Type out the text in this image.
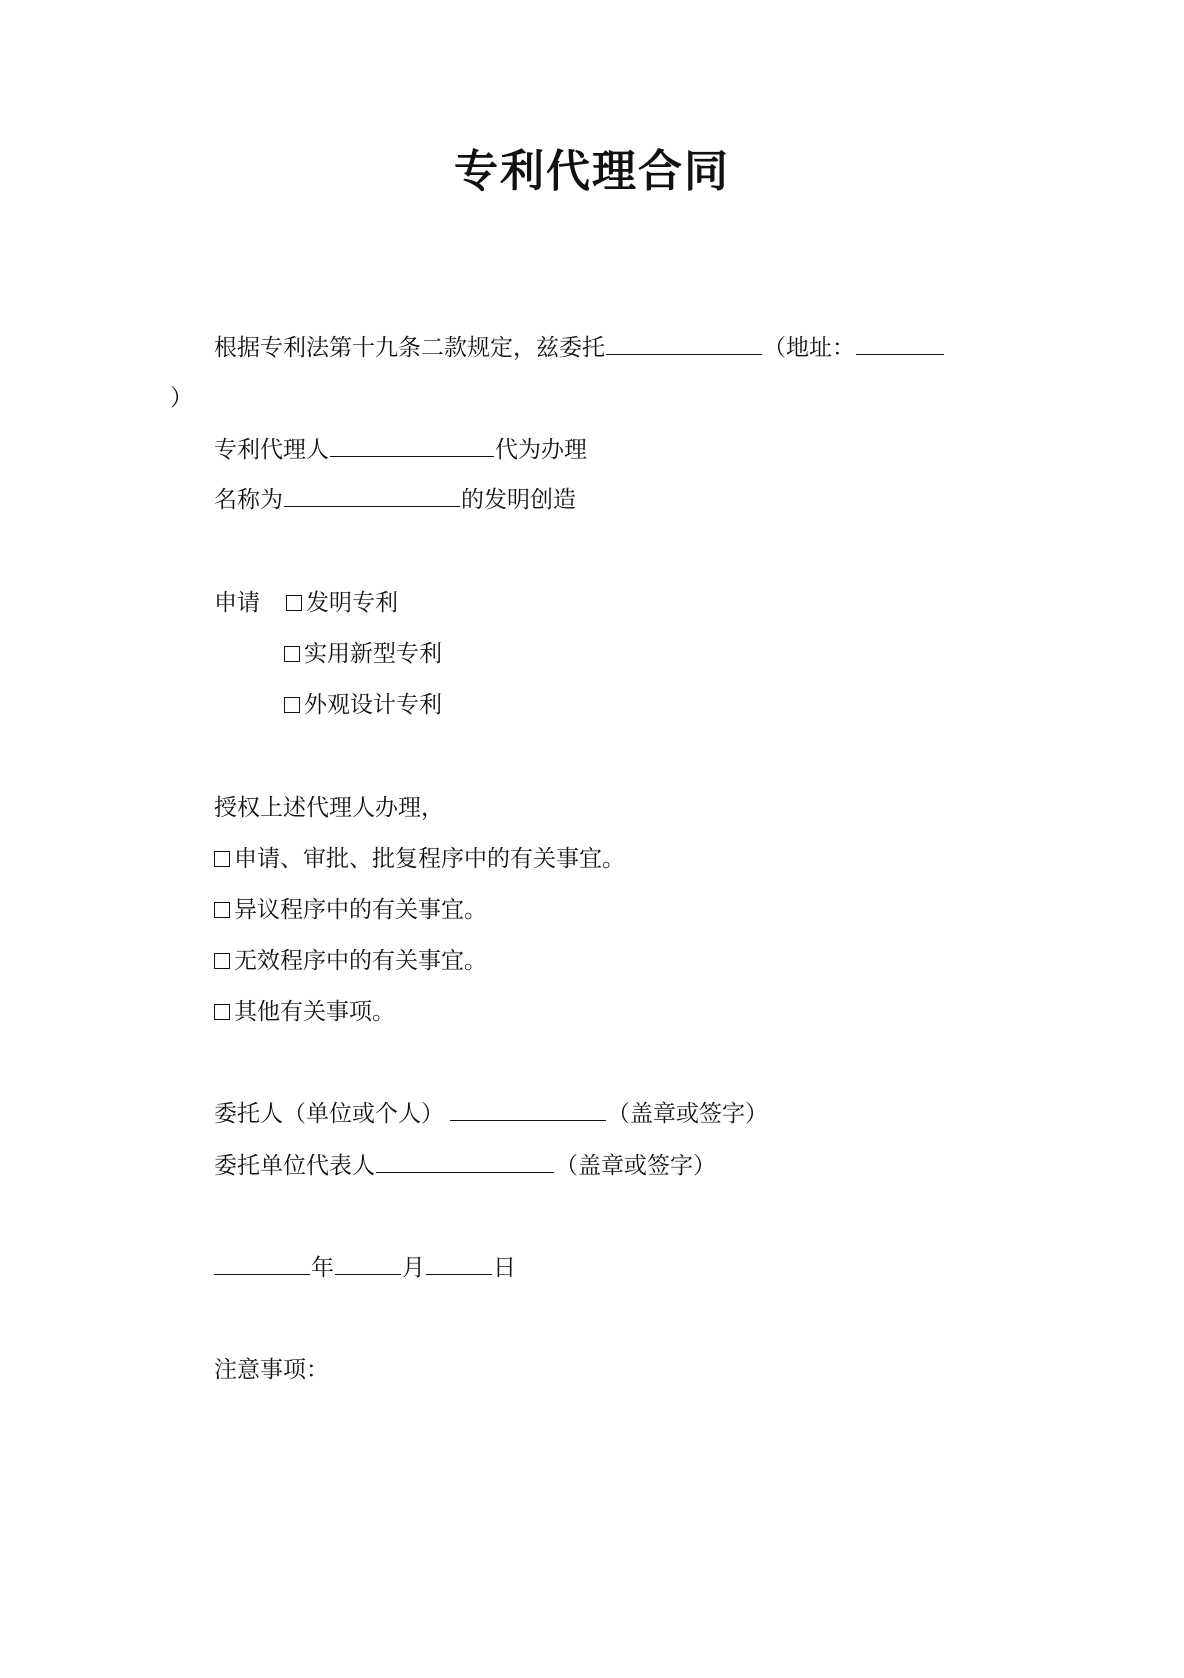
专利代理合同
根据专利法第十九条二款规定，兹委托	（地址：
）
专利代理人	代为办理
名称为	的发明创造
申请 发明专利
实用新型专利
外观设计专利
授权上述代理人办理，
申请、审批、批复程序中的有关事宜。
异议程序中的有关事宜。
无效程序中的有关事宜。
其他有关事项。
委托人（单位或个人）	（盖章或签字）
委托单位代表人	（盖章或签字）
年	月	日
注意事项：
